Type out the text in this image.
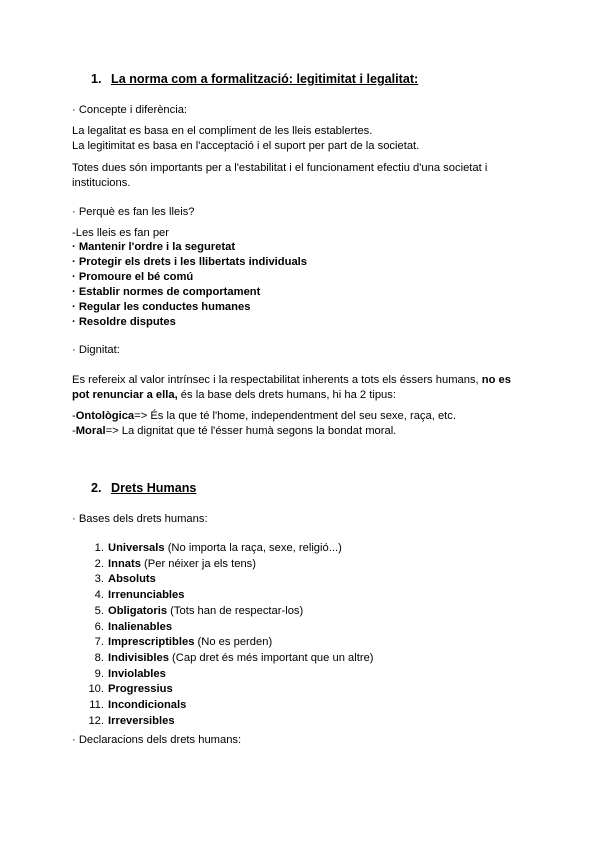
1. La norma com a formalització: legitimitat i legalitat:
· Concepte i diferència:
La legalitat es basa en el compliment de les lleis establertes.
La legitimitat es basa en l'acceptació i el suport per part de la societat.
Totes dues són importants per a l'estabilitat i el funcionament efectiu d'una societat i
institucions.
· Perquè es fan les lleis?
-Les lleis es fan per
· Mantenir l'ordre i la seguretat
· Protegir els drets i les llibertats individuals
· Promoure el bé comú
· Establir normes de comportament
· Regular les conductes humanes
· Resoldre disputes
· Dignitat:
Es refereix al valor intrínsec i la respectabilitat inherents a tots els éssers humans, no es
pot renunciar a ella, és la base dels drets humans, hi ha 2 tipus:
-Ontològica=> És la que té l'home, independentment del seu sexe, raça, etc.
-Moral=> La dignitat que té l'ésser humà segons la bondat moral.
2. Drets Humans
· Bases dels drets humans:
1. Universals (No importa la raça, sexe, religió...)
2. Innats (Per néixer ja els tens)
3. Absoluts
4. Irrenunciables
5. Obligatoris (Tots han de respectar-los)
6. Inalienables
7. Imprescriptibles (No es perden)
8. Indivisibles (Cap dret és més important que un altre)
9. Inviolables
10. Progressius
11. Incondicionals
12. Irreversibles
· Declaracions dels drets humans:
